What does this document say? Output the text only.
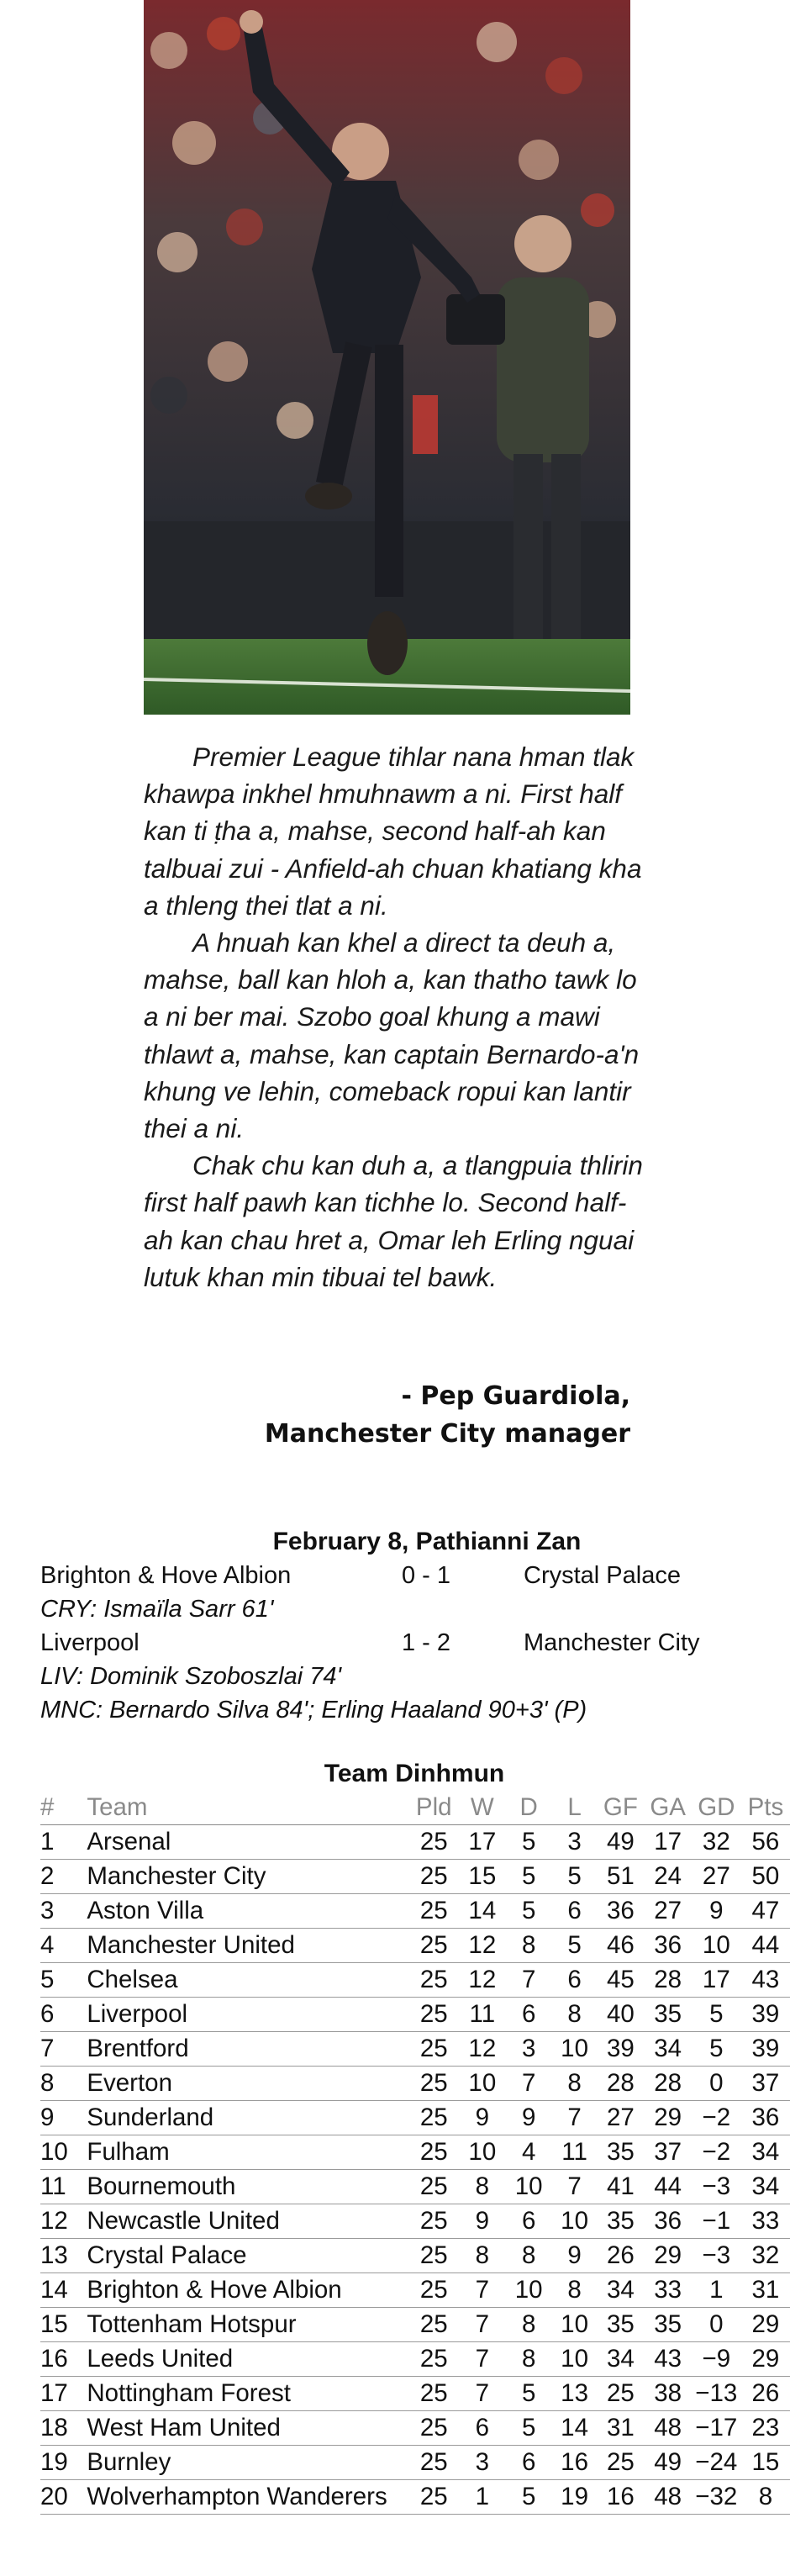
Premier League tihlar nana hman tlak khawpa inkhel hmuhnawm a ni. First half kan ti ṭha a, mahse, second half-ah kan talbuai zui - Anfield-ah chuan khatiang kha a thleng thei tlat a ni.

A hnuah kan khel a direct ta deuh a, mahse, ball kan hloh a, kan thatho tawk lo a ni ber mai. Szobo goal khung a mawi thlawt a, mahse, kan captain Bernardo-a'n khung ve lehin, comeback ropui kan lantir thei a ni.

Chak chu kan duh a, a tlangpuia thlirin first half pawh kan tichhe lo. Second half-ah kan chau hret a, Omar leh Erling nguai lutuk khan min tibuai tel bawk.

- Pep Guardiola,
Manchester City manager
February 8, Pathianni Zan
Brighton & Hove Albion	0 - 1	Crystal Palace
CRY: Ismaïla Sarr 61'
Liverpool	1 - 2	Manchester City
LIV: Dominik Szoboszlai 74'
MNC: Bernardo Silva 84'; Erling Haaland 90+3' (P)
Team Dinhmun
#	Team	Pld	W	D	L	GF	GA	GD	Pts
1	Arsenal	25	17	5	3	49	17	32	56
2	Manchester City	25	15	5	5	51	24	27	50
3	Aston Villa	25	14	5	6	36	27	9	47
4	Manchester United	25	12	8	5	46	36	10	44
5	Chelsea	25	12	7	6	45	28	17	43
6	Liverpool	25	11	6	8	40	35	5	39
7	Brentford	25	12	3	10	39	34	5	39
8	Everton	25	10	7	8	28	28	0	37
9	Sunderland	25	9	9	7	27	29	−2	36
10	Fulham	25	10	4	11	35	37	−2	34
11	Bournemouth	25	8	10	7	41	44	−3	34
12	Newcastle United	25	9	6	10	35	36	−1	33
13	Crystal Palace	25	8	8	9	26	29	−3	32
14	Brighton & Hove Albion	25	7	10	8	34	33	1	31
15	Tottenham Hotspur	25	7	8	10	35	35	0	29
16	Leeds United	25	7	8	10	34	43	−9	29
17	Nottingham Forest	25	7	5	13	25	38	−13	26
18	West Ham United	25	6	5	14	31	48	−17	23
19	Burnley	25	3	6	16	25	49	−24	15
20	Wolverhampton Wanderers	25	1	5	19	16	48	−32	8
